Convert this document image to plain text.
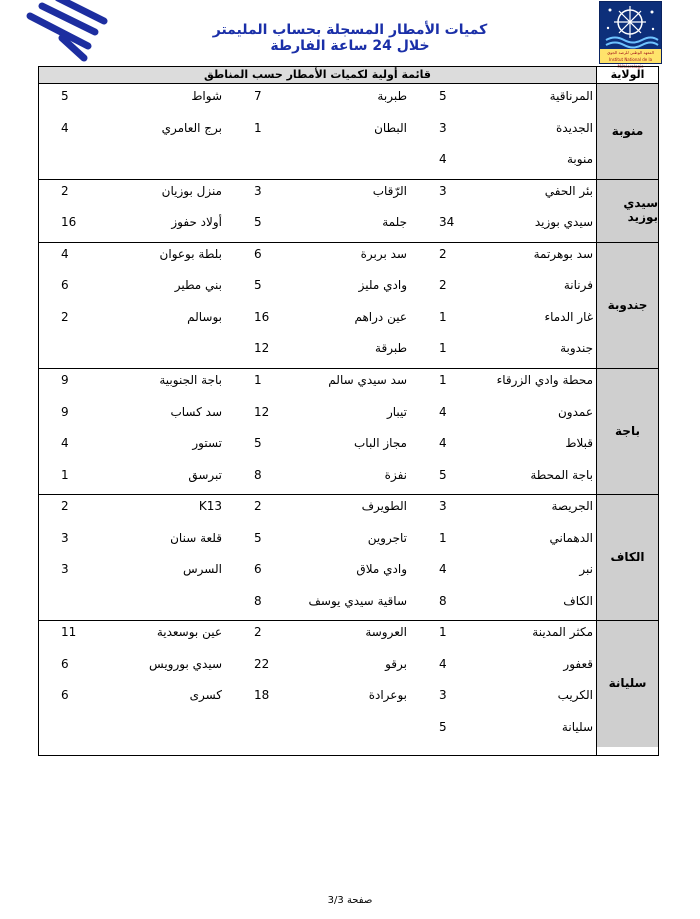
المعهد الوطني للرصد الجوي
Institut National de la Météorologie
كميات الأمطار المسجلة بحساب المليمتر
خلال 24 ساعة الفارطة
قائمة أولية لكميات الأمطار حسب المناطق	الولاية
منوبة
المرناقية
5
طبربة
7
شواط
5
الجديدة
3
البطان
1
برج العامري
4
منوبة
4
سيدي بوزيد
بئر الحفي
3
الرّقاب
3
منزل بوزيان
2
سيدي بوزيد
34
جلمة
5
أولاد حفوز
16
جندوبة
سد بوهرتمة
2
سد بربرة
6
بلطة بوعوان
4
فرنانة
2
وادي مليز
5
بني مطير
6
غار الدماء
1
عين دراهم
16
بوسالم
2
جندوبة
1
طبرقة
12
باجة
محطة وادي الزرقاء
1
سد سيدي سالم
1
باجة الجنوبية
9
عمدون
4
تيبار
12
سد كساب
9
قبلاط
4
مجاز الباب
5
تستور
4
باجة المحطة
5
نفزة
8
تبرسق
1
الكاف
الجريصة
3
الطويرف
2
K13
2
الدهماني
1
تاجروين
5
قلعة سنان
3
نبر
4
وادي ملاق
6
السرس
3
الكاف
8
ساقية سيدي يوسف
8
سليانة
مكثر المدينة
1
العروسة
2
عين بوسعدية
11
قعفور
4
برقو
22
سيدي بورويس
6
الكريب
3
بوعرادة
18
كسرى
6
سليانة
5
صفحة 3/3
